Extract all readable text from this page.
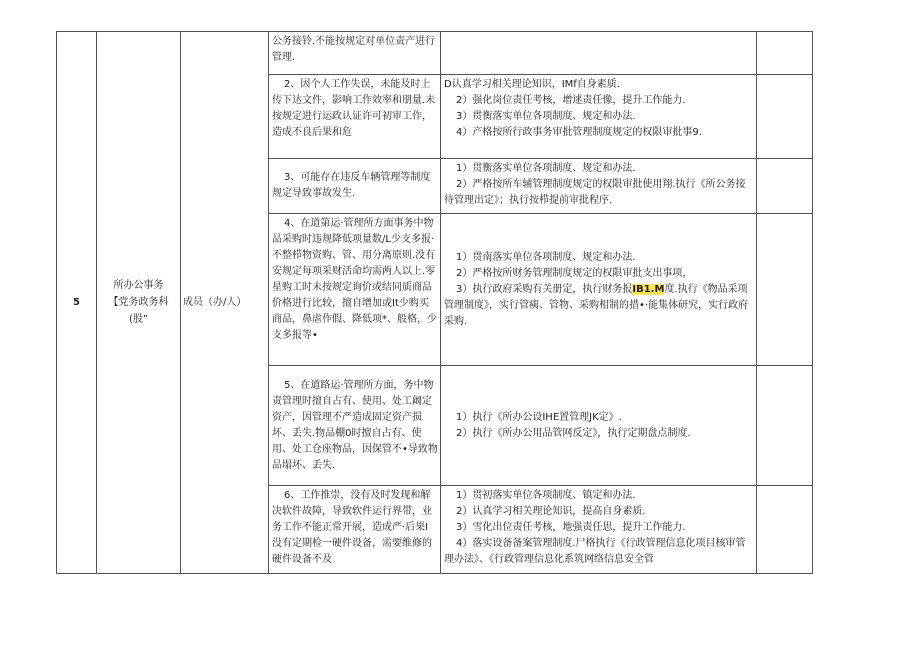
5	所办公事务
【党务政务科
(股”	成员（办/人）	公务接铃.不能按规定对单位责产进行管理.		

			2、因个人工作失误，未能及时上传下达文件，影响工作效率和朋量.未按规定进行运政认证许可初审工作，造成不良后果和危	D认真学习相关理论知识，IMf自身素质.

2）强化岗位责任考核，增逑责任像，提升工作能力.

3）贯衡落实单位各项制度、规定和办法.

4）产格按所行政事务审批管理制度规定的权限审批事9.	

			3、可能存在违反车辆管理等制度规定导致事故发生.	1）贯衡落实单位各项制度、规定和办法.

2）严格按所车辅管理制度规定的权限审批使用翔.执行《所公务接待管理出定》；执行按栉提前审批程序.	

			4、在道第运·管理所方面事务中物品采购时违规降低项量数/L少支多报·不整栉物资购、管、用分离原则.没有安规定每项采财活命均需两人以上.零星购工时未按规定询价或结同质商品价格进行比较，擅自增加或It少购买商品，鼻虐作假、降低项*、般格，少支多报等•	1）贯南落实单位各项制度、规定和办法.

2）严格按所财务管理制度规定的权限审批支出事项，

3）执行政府采购有关册定，执行财务报IB1.M度.执行《物品采项管理制度》，实行管痍、管物、采购相制的措•·能集体研究，实行政府采购.	

			5、在道路运·管理所方面，务中物责管理时擅自占有、使用、处工阚定资产，因管理不严造成固定资产损坏、丢失.物品棚0时擅自占有、使用、处工仓座物品，因保管不•导致物品塌坏、丢失.	1）执行《所办公设IHE置管理JK定》.

2）执行《所办公用品管网反定》，执行定期盘点制度.	

			6、工作推崇，没有及时发现和解决软件故障，导致软件运行界带，业务工作不能正常开展，造成严·后果I没有定期检一硬件设备，需要维修的硬件设备不及	1）贯初落实单位各项制度、镇定和办法.

2）认真学习相关理论知识，提高自身素质.

3）雪化出位责任考核，地强责任思，提升工作能力.

4）落实设备备案管理制度.尸格执行《行政管理信息化项目核审管理办法》、《行政管理信息化系筑网络信息安全管	
